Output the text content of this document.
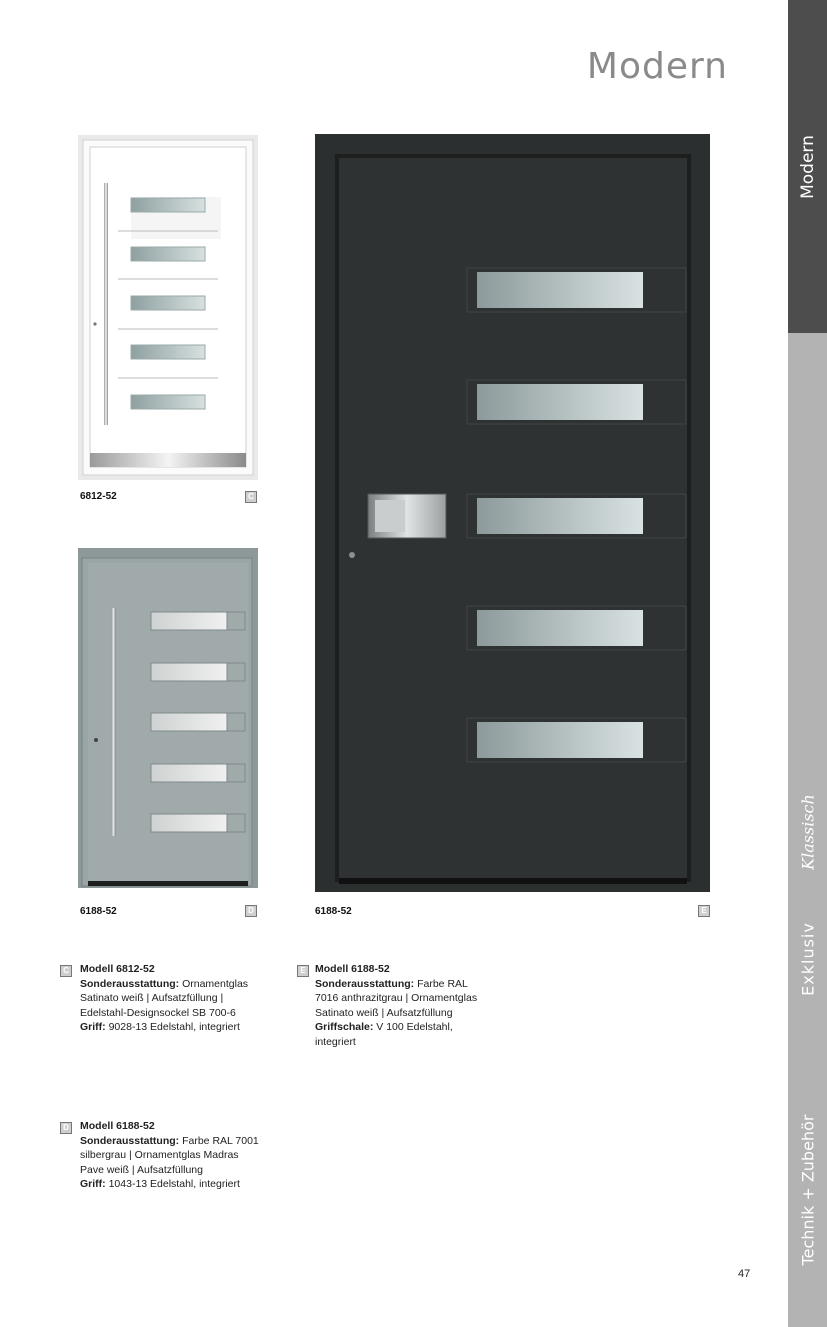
Modern
Modern
Klassisch
Exklusiv
Technik + Zubehör
6812-52	C
6188-52	D	6188-52	E
C Modell 6812-52
Sonderausstattung: Ornamentglas
Satinato weiß | Aufsatzfüllung |
Edelstahl-Designsockel SB 700-6
Griff: 9028-13 Edelstahl, integriert
E Modell 6188-52
Sonderausstattung: Farbe RAL
7016 anthrazitgrau | Ornamentglas
Satinato weiß | Aufsatzfüllung
Griffschale: V 100 Edelstahl,
integriert
D Modell 6188-52
Sonderausstattung: Farbe RAL 7001
silbergrau | Ornamentglas Madras
Pave weiß | Aufsatzfüllung
Griff: 1043-13 Edelstahl, integriert
47
